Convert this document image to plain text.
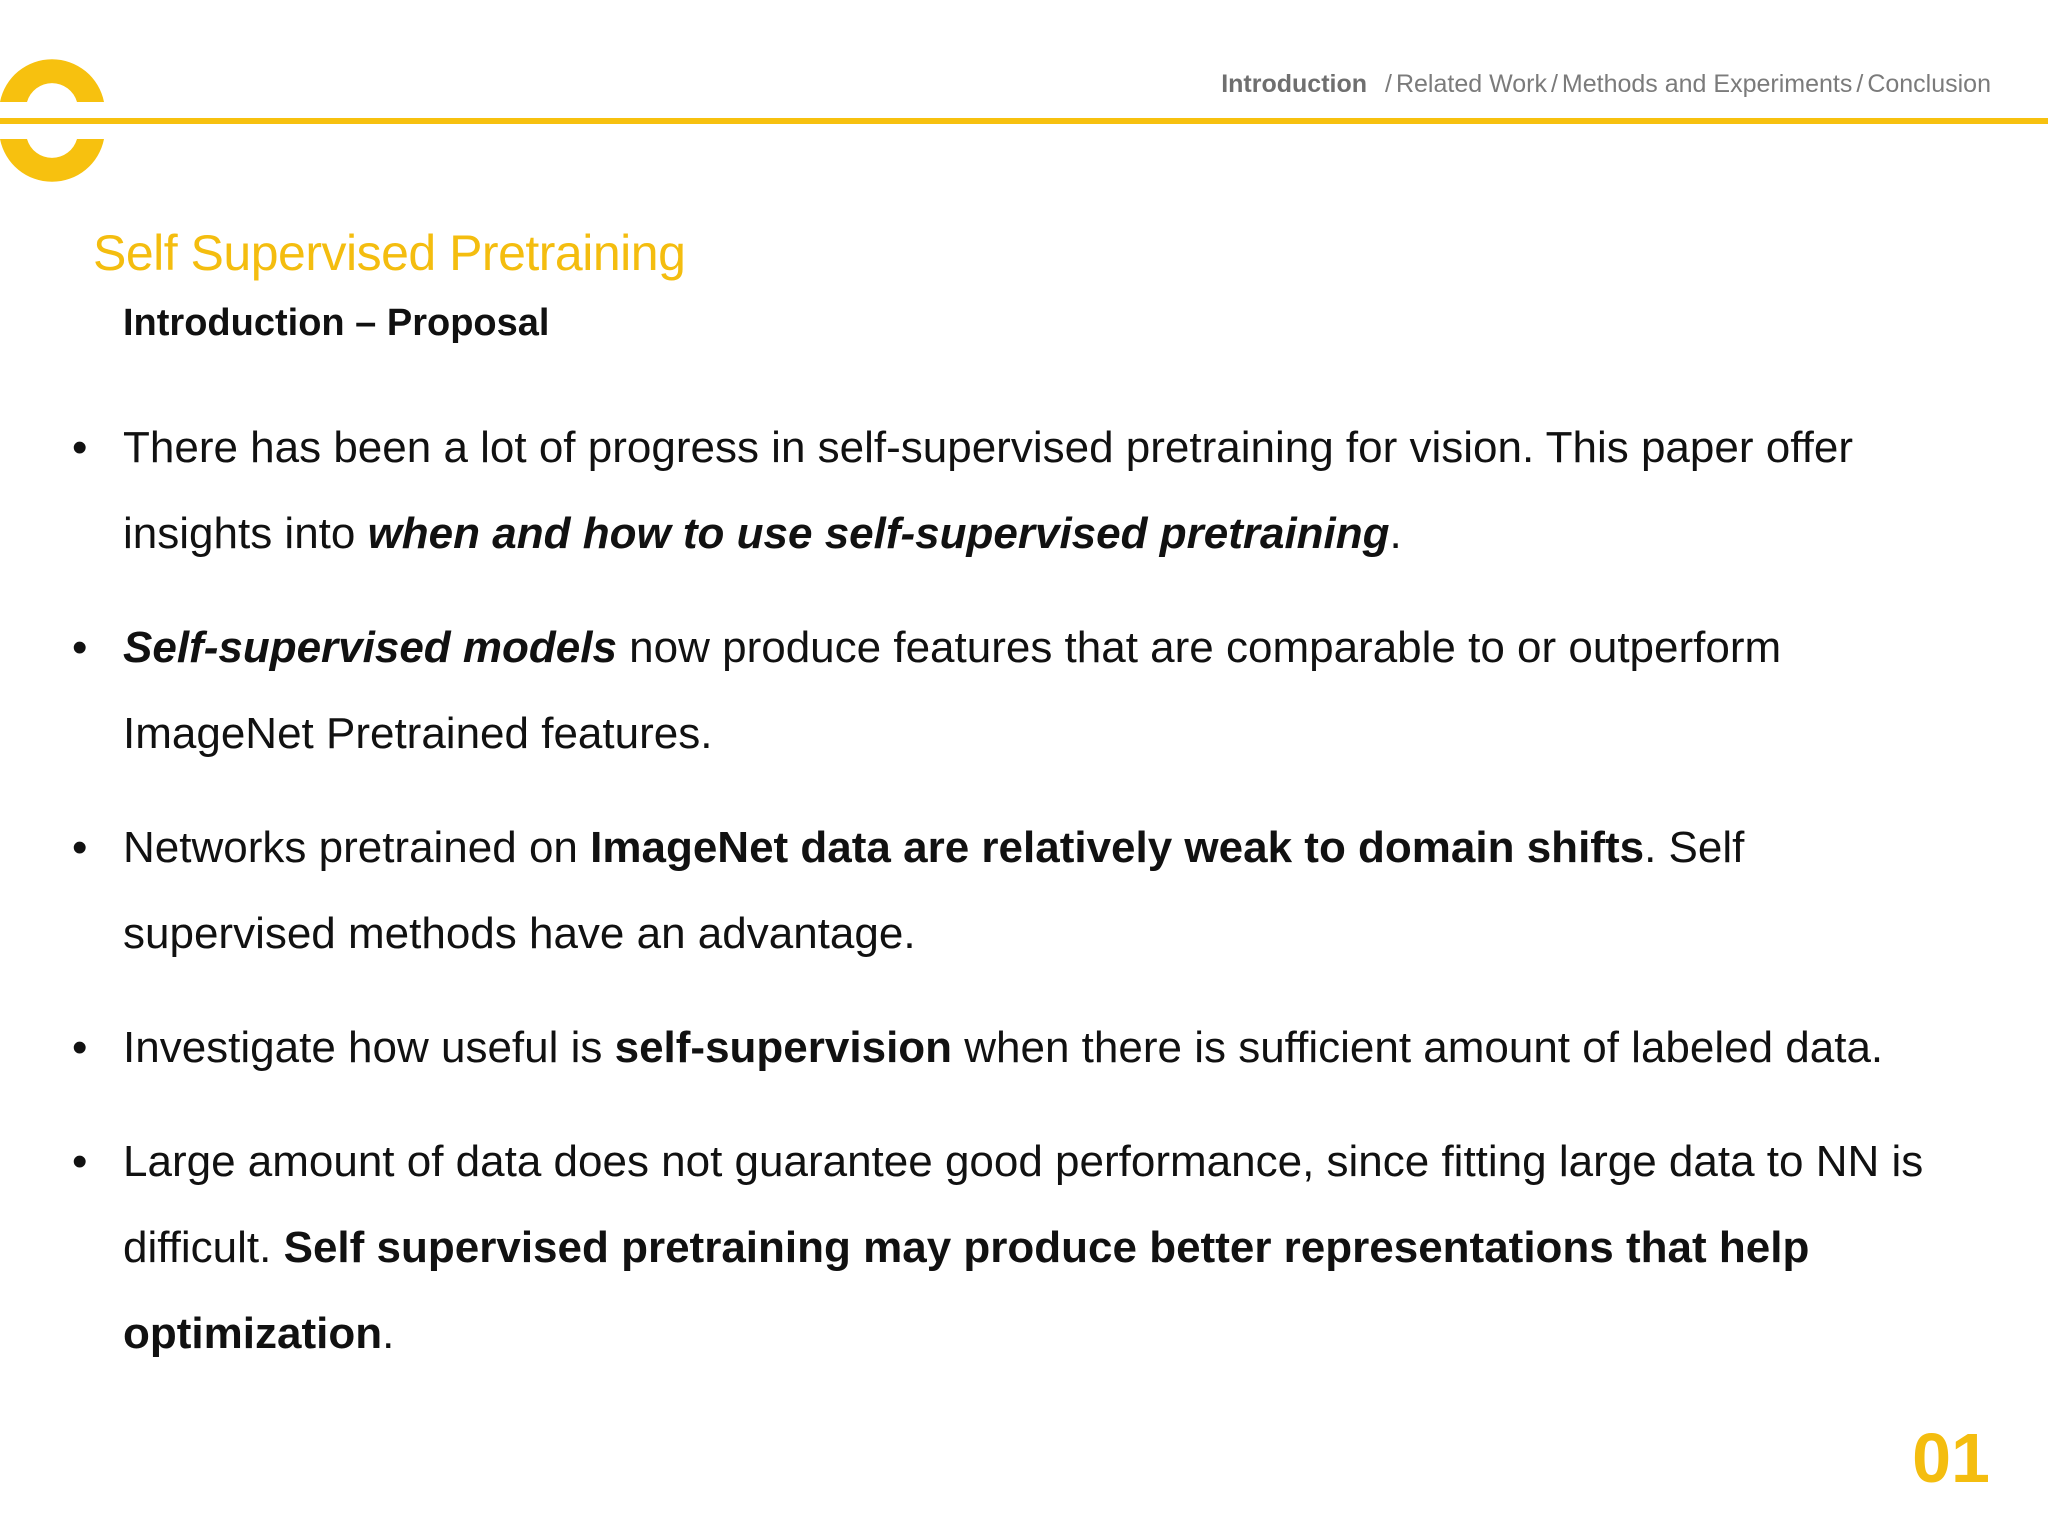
Introduction / Related Work / Methods and Experiments / Conclusion
Self Supervised Pretraining
Introduction – Proposal
• There has been a lot of progress in self-supervised pretraining for vision. This paper offer insights into when and how to use self-supervised pretraining.
• Self-supervised models now produce features that are comparable to or outperform ImageNet Pretrained features.
• Networks pretrained on ImageNet data are relatively weak to domain shifts. Self supervised methods have an advantage.
• Investigate how useful is self-supervision when there is sufficient amount of labeled data.
• Large amount of data does not guarantee good performance, since fitting large data to NN is difficult. Self supervised pretraining may produce better representations that help optimization.
01
